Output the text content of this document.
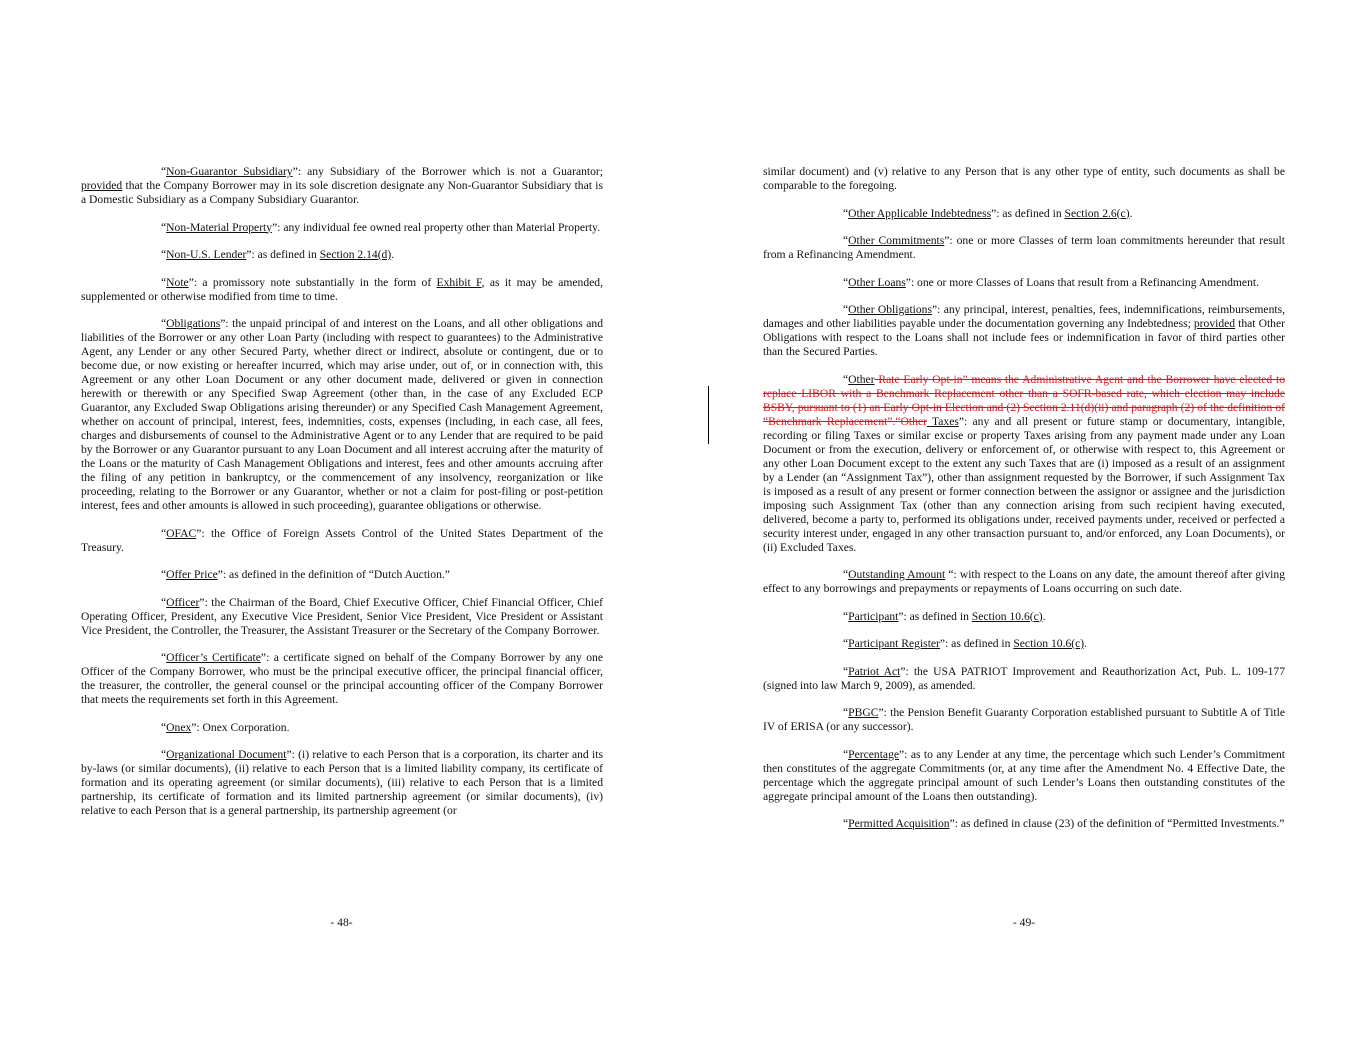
“Non-Guarantor Subsidiary”: any Subsidiary of the Borrower which is not a Guarantor; provided that the Company Borrower may in its sole discretion designate any Non-Guarantor Subsidiary that is a Domestic Subsidiary as a Company Subsidiary Guarantor.

“Non-Material Property”: any individual fee owned real property other than Material Property.

“Non-U.S. Lender”: as defined in Section 2.14(d).

“Note”: a promissory note substantially in the form of Exhibit F, as it may be amended, supplemented or otherwise modified from time to time.

“Obligations”: the unpaid principal of and interest on the Loans, and all other obligations and liabilities of the Borrower or any other Loan Party (including with respect to guarantees) to the Administrative Agent, any Lender or any other Secured Party, whether direct or indirect, absolute or contingent, due or to become due, or now existing or hereafter incurred, which may arise under, out of, or in connection with, this Agreement or any other Loan Document or any other document made, delivered or given in connection herewith or therewith or any Specified Swap Agreement (other than, in the case of any Excluded ECP Guarantor, any Excluded Swap Obligations arising thereunder) or any Specified Cash Management Agreement, whether on account of principal, interest, fees, indemnities, costs, expenses (including, in each case, all fees, charges and disbursements of counsel to the Administrative Agent or to any Lender that are required to be paid by the Borrower or any Guarantor pursuant to any Loan Document and all interest accruing after the maturity of the Loans or the maturity of Cash Management Obligations and interest, fees and other amounts accruing after the filing of any petition in bankruptcy, or the commencement of any insolvency, reorganization or like proceeding, relating to the Borrower or any Guarantor, whether or not a claim for post-filing or post-petition interest, fees and other amounts is allowed in such proceeding), guarantee obligations or otherwise.

“OFAC”: the Office of Foreign Assets Control of the United States Department of the Treasury.

“Offer Price”: as defined in the definition of “Dutch Auction.”

“Officer”: the Chairman of the Board, Chief Executive Officer, Chief Financial Officer, Chief Operating Officer, President, any Executive Vice President, Senior Vice President, Vice President or Assistant Vice President, the Controller, the Treasurer, the Assistant Treasurer or the Secretary of the Company Borrower.

“Officer’s Certificate”: a certificate signed on behalf of the Company Borrower by any one Officer of the Company Borrower, who must be the principal executive officer, the principal financial officer, the treasurer, the controller, the general counsel or the principal accounting officer of the Company Borrower that meets the requirements set forth in this Agreement.

“Onex”: Onex Corporation.

“Organizational Document”: (i) relative to each Person that is a corporation, its charter and its by-laws (or similar documents), (ii) relative to each Person that is a limited liability company, its certificate of formation and its operating agreement (or similar documents), (iii) relative to each Person that is a limited partnership, its certificate of formation and its limited partnership agreement (or similar documents), (iv) relative to each Person that is a general partnership, its partnership agreement (or

- 48-

similar document) and (v) relative to any Person that is any other type of entity, such documents as shall be comparable to the foregoing.

“Other Applicable Indebtedness”: as defined in Section 2.6(c).

“Other Commitments”: one or more Classes of term loan commitments hereunder that result from a Refinancing Amendment.

“Other Loans”: one or more Classes of Loans that result from a Refinancing Amendment.

“Other Obligations”: any principal, interest, penalties, fees, indemnifications, reimbursements, damages and other liabilities payable under the documentation governing any Indebtedness; provided that Other Obligations with respect to the Loans shall not include fees or indemnification in favor of third parties other than the Secured Parties.

“Other Rate Early Opt-in” means the Administrative Agent and the Borrower have elected to replace LIBOR with a Benchmark Replacement other than a SOFR-based rate, which election may include BSBY, pursuant to (1) an Early Opt-in Election and (2) Section 2.11(d)(ii) and paragraph (2) of the definition of “Benchmark Replacement”.“Other Taxes”: any and all present or future stamp or documentary, intangible, recording or filing Taxes or similar excise or property Taxes arising from any payment made under any Loan Document or from the execution, delivery or enforcement of, or otherwise with respect to, this Agreement or any other Loan Document except to the extent any such Taxes that are (i) imposed as a result of an assignment by a Lender (an “Assignment Tax”), other than assignment requested by the Borrower, if such Assignment Tax is imposed as a result of any present or former connection between the assignor or assignee and the jurisdiction imposing such Assignment Tax (other than any connection arising from such recipient having executed, delivered, become a party to, performed its obligations under, received payments under, received or perfected a security interest under, engaged in any other transaction pursuant to, and/or enforced, any Loan Documents), or (ii) Excluded Taxes.

“Outstanding Amount “: with respect to the Loans on any date, the amount thereof after giving effect to any borrowings and prepayments or repayments of Loans occurring on such date.

“Participant”: as defined in Section 10.6(c).

“Participant Register”: as defined in Section 10.6(c).

“Patriot Act”: the USA PATRIOT Improvement and Reauthorization Act, Pub. L. 109-177 (signed into law March 9, 2009), as amended.

“PBGC”: the Pension Benefit Guaranty Corporation established pursuant to Subtitle A of Title IV of ERISA (or any successor).

“Percentage”: as to any Lender at any time, the percentage which such Lender’s Commitment then constitutes of the aggregate Commitments (or, at any time after the Amendment No. 4 Effective Date, the percentage which the aggregate principal amount of such Lender’s Loans then outstanding constitutes of the aggregate principal amount of the Loans then outstanding).

“Permitted Acquisition”: as defined in clause (23) of the definition of “Permitted Investments.”

- 49-
